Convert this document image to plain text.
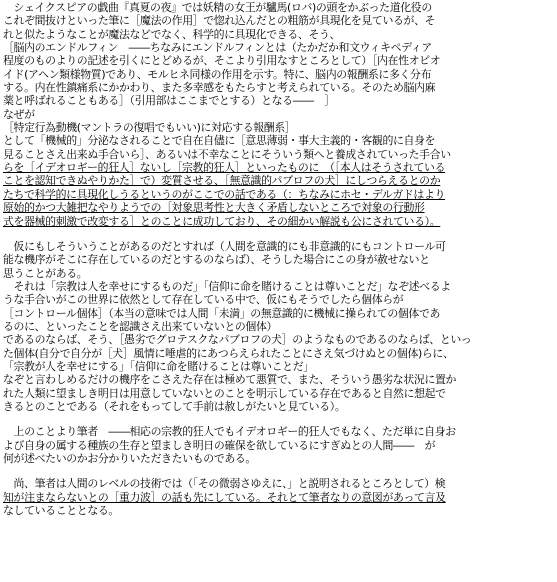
　シェイクスピアの戯曲『真夏の夜』では妖精の女王が驢馬(ロバ)の頭をかぶった道化役の
これぞ間抜けといった筆に［魔法の作用］で惚れ込んだとの粗筋が具現化を見ているが、そ
れと似たようなことが魔法などでなく、科学的に具現化できる、そう、
［脳内のエンドルフィン　――ちなみにエンドルフィンとは（たかだか和文ウィキペディア
程度のものよりの記述を引くにとどめるが、そこより引用なすところとして）［内在性オピオ
イド(アヘン類様物質)であり、モルヒネ同様の作用を示す。特に、脳内の報酬系に多く分布
する。内在性鎮痛系にかかわり、また多幸感をもたらすと考えられている。そのため脳内麻
薬と呼ばれることもある］（引用部はここまでとする）となる――　］
なぜが
［特定行為動機(マントラの復唱でもいい)に対応する報酬系］
として「機械的」分泌なされることで自在自儘に［意思薄弱・事大主義的・客観的に自身を
見ることさえ出来ぬ手合いら］、あるいは不幸なことにそういう類へと養成されていった手合い
らを［イデオロギー的狂人］ないし［宗教的狂人］といったものに　（［本人はそうされている
ことを認知できぬやりかた］で）変質させる、［無意識的パブロフの犬］にしつらえるとのか
たちで科学的に具現化しうるというのがここでの話である（：ちなみにホセ・デルガドはより
原始的かつ大雑把なやりようでの［対象思考性と大きく矛盾しないところで対象の行動形
式を器械的刺激で改変する］とのことに成功しており、その細かい解説も公にされている）。
　仮にもしそういうことがあるのだとすれば（人間を意識的にも非意識的にもコントロール可
能な機序がそこに存在しているのだとするのならば）、そうした場合にこの身が赦せないと
思うことがある。
　それは「宗教は人を幸せにするものだ」「信仰に命を賭けることは尊いことだ」なぞ述べるよ
うな手合いがこの世界に依然として存在している中で、仮にもそうでしたら個体らが
［コントロール個体］（本当の意味では人間「未満」の無意識的に機械に操られての個体であ
るのに、といったことを認識さえ出来ていないとの個体）
であるのならば、そう、［愚劣でグロテスクなパブロフの犬］のようなものであるのならば、といっ
た個体(自分で自分が［犬］風情に唾虐的にあつらえられたことにさえ気づけぬとの個体)らに、
「宗教が人を幸せにする」「信仰に命を賭けることは尊いことだ」
なぞと言わしめるだけの機序をこさえた存在は極めて悪質で、また、そういう愚劣な状況に置か
れた人類に望ましき明日は用意していないとのことを明示している存在であると自然に想起で
きるとのことである（それをもってして手前は赦しがたいと見ている）。
　上のことより筆者　――相応の宗教的狂人でもイデオロギー的狂人でもなく、ただ単に自身お
よび自身の属する種族の生存と望ましき明日の確保を欲しているにすぎぬとの人間――　が
何が述べたいのかお分かりいただきたいものである。
　尚、筆者は人間のレベルの技術では（「その微弱さゆえに、」と説明されるところとして）検
知が注まならないとの［重力波］の話も先にしている。それとて筆者なりの意図があって言及
なしていることとなる。
